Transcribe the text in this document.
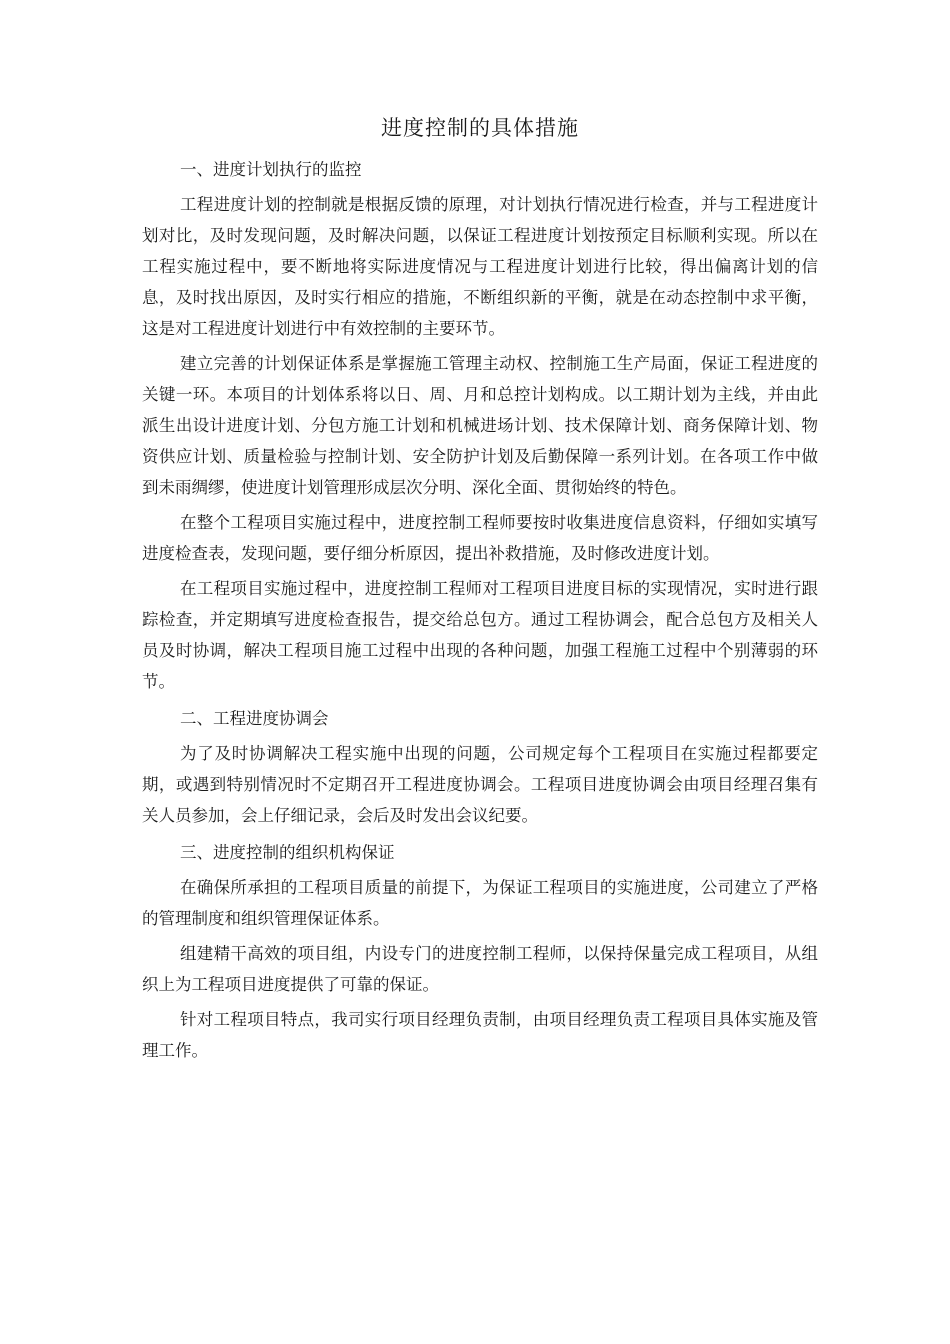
进度控制的具体措施
一、进度计划执行的监控

工程进度计划的控制就是根据反馈的原理，对计划执行情况进行检查，并与工程进度计划对比，及时发现问题，及时解决问题，以保证工程进度计划按预定目标顺利实现。所以在工程实施过程中，要不断地将实际进度情况与工程进度计划进行比较，得出偏离计划的信息，及时找出原因，及时实行相应的措施，不断组织新的平衡，就是在动态控制中求平衡，这是对工程进度计划进行中有效控制的主要环节。

建立完善的计划保证体系是掌握施工管理主动权、控制施工生产局面，保证工程进度的关键一环。本项目的计划体系将以日、周、月和总控计划构成。以工期计划为主线，并由此派生出设计进度计划、分包方施工计划和机械进场计划、技术保障计划、商务保障计划、物资供应计划、质量检验与控制计划、安全防护计划及后勤保障一系列计划。在各项工作中做到未雨绸缪，使进度计划管理形成层次分明、深化全面、贯彻始终的特色。

在整个工程项目实施过程中，进度控制工程师要按时收集进度信息资料，仔细如实填写进度检查表，发现问题，要仔细分析原因，提出补救措施，及时修改进度计划。

在工程项目实施过程中，进度控制工程师对工程项目进度目标的实现情况，实时进行跟踪检查，并定期填写进度检查报告，提交给总包方。通过工程协调会，配合总包方及相关人员及时协调，解决工程项目施工过程中出现的各种问题，加强工程施工过程中个别薄弱的环节。

二、工程进度协调会

为了及时协调解决工程实施中出现的问题，公司规定每个工程项目在实施过程都要定期，或遇到特别情况时不定期召开工程进度协调会。工程项目进度协调会由项目经理召集有关人员参加，会上仔细记录，会后及时发出会议纪要。

三、进度控制的组织机构保证

在确保所承担的工程项目质量的前提下，为保证工程项目的实施进度，公司建立了严格的管理制度和组织管理保证体系。

组建精干高效的项目组，内设专门的进度控制工程师，以保持保量完成工程项目，从组织上为工程项目进度提供了可靠的保证。

针对工程项目特点，我司实行项目经理负责制，由项目经理负责工程项目具体实施及管理工作。
